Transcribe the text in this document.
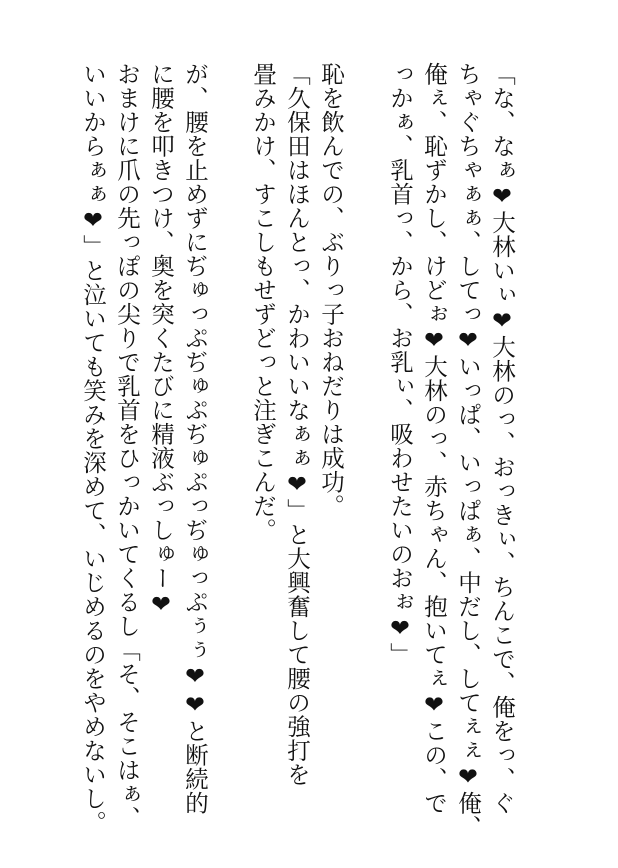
「な、なぁ❤大林いぃ❤大林のっ、おっきぃ、ちんこで、俺をっ、ぐ
ちゃぐちゃぁぁ、してっ❤いっぱ、いっぱぁ、中だし、してぇぇ❤俺、
俺ぇ、恥ずかし、けどぉ❤大林のっ、赤ちゃん、抱いてぇ❤この、で
っかぁ、乳首っ、から、お乳ぃ、吸わせたいのおぉ❤」
恥を飲んでの、ぶりっ子おねだりは成功。
「久保田はほんとっ、かわいいなぁぁ❤」と大興奮して腰の強打を
畳みかけ、すこしもせずどっと注ぎこんだ。
が、腰を止めずにぢゅっぷぢゅぷぢゅぷっぢゅっぷぅぅ❤❤と断続的
に腰を叩きつけ、奥を突くたびに精液ぶっしゅー❤
おまけに爪の先っぽの尖りで乳首をひっかいてくるし「そ、そこはぁ、
いいからぁぁ❤」と泣いても笑みを深めて、いじめるのをやめないし。
